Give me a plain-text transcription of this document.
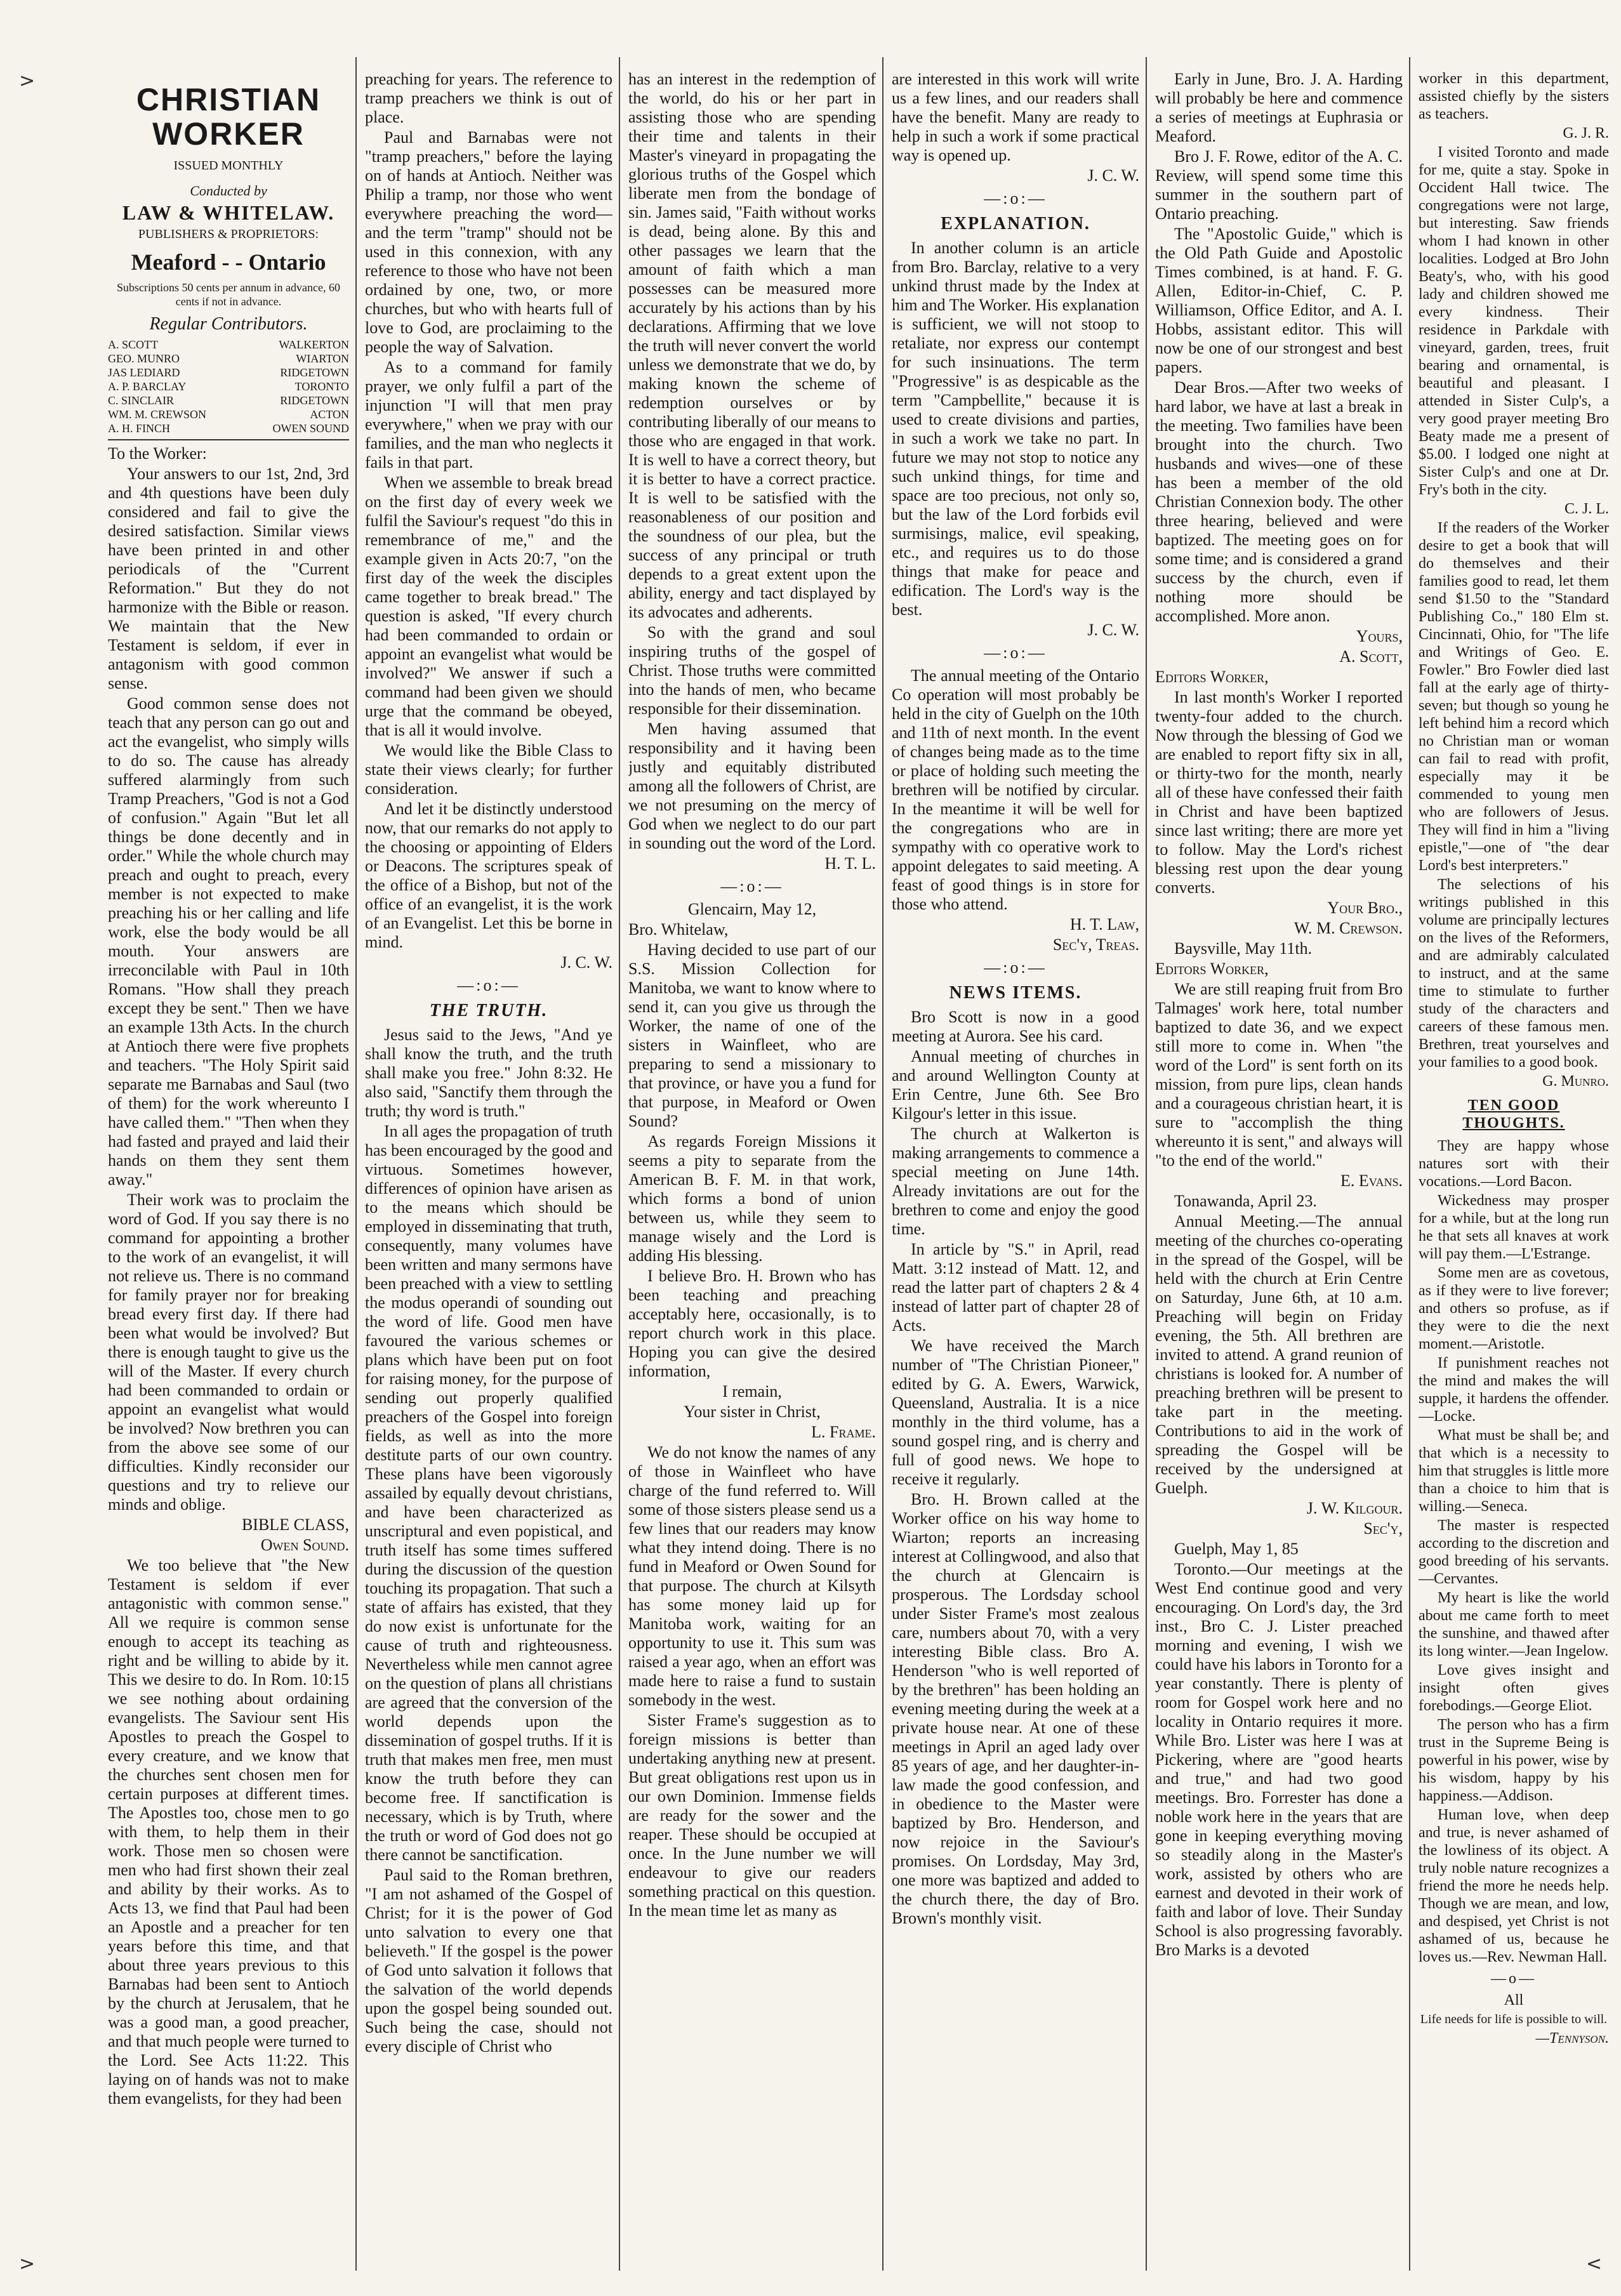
>
>	<
CHRISTIAN WORKER
ISSUED MONTHLY
Conducted by
LAW & WHITELAW.
PUBLISHERS & PROPRIETORS:
Meaford - - Ontario
Subscriptions 50 cents per annum in advance, 60 cents if not in advance.
Regular Contributors.
A. SCOTT	WALKERTON
GEO. MUNRO	WIARTON
JAS LEDIARD	RIDGETOWN
A. P. BARCLAY	TORONTO
C. SINCLAIR	RIDGETOWN
WM. M. CREWSON	ACTON
A. H. FINCH	OWEN SOUND

To the Worker:

Your answers to our 1st, 2nd, 3rd and 4th questions have been duly considered and fail to give the desired satisfaction. Similar views have been printed in and other periodicals of the "Current Reformation." But they do not harmonize with the Bible or reason. We maintain that the New Testament is seldom, if ever in antagonism with good common sense.

Good common sense does not teach that any person can go out and act the evangelist, who simply wills to do so. The cause has already suffered alarmingly from such Tramp Preachers, "God is not a God of confusion." Again "But let all things be done decently and in order." While the whole church may preach and ought to preach, every member is not expected to make preaching his or her calling and life work, else the body would be all mouth. Your answers are irreconcilable with Paul in 10th Romans. "How shall they preach except they be sent." Then we have an example 13th Acts. In the church at Antioch there were five prophets and teachers. "The Holy Spirit said separate me Barnabas and Saul (two of them) for the work whereunto I have called them." "Then when they had fasted and prayed and laid their hands on them they sent them away."

Their work was to proclaim the word of God. If you say there is no command for appointing a brother to the work of an evangelist, it will not relieve us. There is no command for family prayer nor for breaking bread every first day. If there had been what would be involved? But there is enough taught to give us the will of the Master. If every church had been commanded to ordain or appoint an evangelist what would be involved? Now brethren you can from the above see some of our difficulties. Kindly reconsider our questions and try to relieve our minds and oblige.

BIBLE CLASS,

Owen Sound.

We too believe that "the New Testament is seldom if ever antagonistic with common sense." All we require is common sense enough to accept its teaching as right and be willing to abide by it. This we desire to do. In Rom. 10:15 we see nothing about ordaining evangelists. The Saviour sent His Apostles to preach the Gospel to every creature, and we know that the churches sent chosen men for certain purposes at different times. The Apostles too, chose men to go with them, to help them in their work. Those men so chosen were men who had first shown their zeal and ability by their works. As to Acts 13, we find that Paul had been an Apostle and a preacher for ten years before this time, and that about three years previous to this Barnabas had been sent to Antioch by the church at Jerusalem, that he was a good man, a good preacher, and that much people were turned to the Lord. See Acts 11:22. This laying on of hands was not to make them evangelists, for they had been

preaching for years. The reference to tramp preachers we think is out of place.

Paul and Barnabas were not "tramp preachers," before the laying on of hands at Antioch. Neither was Philip a tramp, nor those who went everywhere preaching the word—and the term "tramp" should not be used in this connexion, with any reference to those who have not been ordained by one, two, or more churches, but who with hearts full of love to God, are proclaiming to the people the way of Salvation.

As to a command for family prayer, we only fulfil a part of the injunction "I will that men pray everywhere," when we pray with our families, and the man who neglects it fails in that part.

When we assemble to break bread on the first day of every week we fulfil the Saviour's request "do this in remembrance of me," and the example given in Acts 20:7, "on the first day of the week the disciples came together to break bread." The question is asked, "If every church had been commanded to ordain or appoint an evangelist what would be involved?" We answer if such a command had been given we should urge that the command be obeyed, that is all it would involve.

We would like the Bible Class to state their views clearly; for further consideration.

And let it be distinctly understood now, that our remarks do not apply to the choosing or appointing of Elders or Deacons. The scriptures speak of the office of a Bishop, but not of the office of an evangelist, it is the work of an Evangelist. Let this be borne in mind.

J. C. W.

—:o:—
THE TRUTH.

Jesus said to the Jews, "And ye shall know the truth, and the truth shall make you free." John 8:32. He also said, "Sanctify them through the truth; thy word is truth."

In all ages the propagation of truth has been encouraged by the good and virtuous. Sometimes however, differences of opinion have arisen as to the means which should be employed in disseminating that truth, consequently, many volumes have been written and many sermons have been preached with a view to settling the modus operandi of sounding out the word of life. Good men have favoured the various schemes or plans which have been put on foot for raising money, for the purpose of sending out properly qualified preachers of the Gospel into foreign fields, as well as into the more destitute parts of our own country. These plans have been vigorously assailed by equally devout christians, and have been characterized as unscriptural and even popistical, and truth itself has some times suffered during the discussion of the question touching its propagation. That such a state of affairs has existed, that they do now exist is unfortunate for the cause of truth and righteousness. Nevertheless while men cannot agree on the question of plans all christians are agreed that the conversion of the world depends upon the dissemination of gospel truths. If it is truth that makes men free, men must know the truth before they can become free. If sanctification is necessary, which is by Truth, where the truth or word of God does not go there cannot be sanctification.

Paul said to the Roman brethren, "I am not ashamed of the Gospel of Christ; for it is the power of God unto salvation to every one that believeth." If the gospel is the power of God unto salvation it follows that the salvation of the world depends upon the gospel being sounded out. Such being the case, should not every disciple of Christ who

has an interest in the redemption of the world, do his or her part in assisting those who are spending their time and talents in their Master's vineyard in propagating the glorious truths of the Gospel which liberate men from the bondage of sin. James said, "Faith without works is dead, being alone. By this and other passages we learn that the amount of faith which a man possesses can be measured more accurately by his actions than by his declarations. Affirming that we love the truth will never convert the world unless we demonstrate that we do, by making known the scheme of redemption ourselves or by contributing liberally of our means to those who are engaged in that work. It is well to have a correct theory, but it is better to have a correct practice. It is well to be satisfied with the reasonableness of our position and the soundness of our plea, but the success of any principal or truth depends to a great extent upon the ability, energy and tact displayed by its advocates and adherents.

So with the grand and soul inspiring truths of the gospel of Christ. Those truths were committed into the hands of men, who became responsible for their dissemination.

Men having assumed that responsibility and it having been justly and equitably distributed among all the followers of Christ, are we not presuming on the mercy of God when we neglect to do our part in sounding out the word of the Lord.

H. T. L.

—:o:—

Glencairn, May 12,

Bro. Whitelaw,

Having decided to use part of our S.S. Mission Collection for Manitoba, we want to know where to send it, can you give us through the Worker, the name of one of the sisters in Wainfleet, who are preparing to send a missionary to that province, or have you a fund for that purpose, in Meaford or Owen Sound?

As regards Foreign Missions it seems a pity to separate from the American B. F. M. in that work, which forms a bond of union between us, while they seem to manage wisely and the Lord is adding His blessing.

I believe Bro. H. Brown who has been teaching and preaching acceptably here, occasionally, is to report church work in this place. Hoping you can give the desired information,

I remain,

Your sister in Christ,

L. Frame.

We do not know the names of any of those in Wainfleet who have charge of the fund referred to. Will some of those sisters please send us a few lines that our readers may know what they intend doing. There is no fund in Meaford or Owen Sound for that purpose. The church at Kilsyth has some money laid up for Manitoba work, waiting for an opportunity to use it. This sum was raised a year ago, when an effort was made here to raise a fund to sustain somebody in the west.

Sister Frame's suggestion as to foreign missions is better than undertaking anything new at present. But great obligations rest upon us in our own Dominion. Immense fields are ready for the sower and the reaper. These should be occupied at once. In the June number we will endeavour to give our readers something practical on this question. In the mean time let as many as

are interested in this work will write us a few lines, and our readers shall have the benefit. Many are ready to help in such a work if some practical way is opened up.

J. C. W.

—:o:—
EXPLANATION.

In another column is an article from Bro. Barclay, relative to a very unkind thrust made by the Index at him and The Worker. His explanation is sufficient, we will not stoop to retaliate, nor express our contempt for such insinuations. The term "Progressive" is as despicable as the term "Campbellite," because it is used to create divisions and parties, in such a work we take no part. In future we may not stop to notice any such unkind things, for time and space are too precious, not only so, but the law of the Lord forbids evil surmisings, malice, evil speaking, etc., and requires us to do those things that make for peace and edification. The Lord's way is the best.

J. C. W.

—:o:—

The annual meeting of the Ontario Co operation will most probably be held in the city of Guelph on the 10th and 11th of next month. In the event of changes being made as to the time or place of holding such meeting the brethren will be notified by circular. In the meantime it will be well for the congregations who are in sympathy with co operative work to appoint delegates to said meeting. A feast of good things is in store for those who attend.

H. T. Law,

Sec'y, Treas.

—:o:—
NEWS ITEMS.

Bro Scott is now in a good meeting at Aurora. See his card.

Annual meeting of churches in and around Wellington County at Erin Centre, June 6th. See Bro Kilgour's letter in this issue.

The church at Walkerton is making arrangements to commence a special meeting on June 14th. Already invitations are out for the brethren to come and enjoy the good time.

In article by "S." in April, read Matt. 3:12 instead of Matt. 12, and read the latter part of chapters 2 & 4 instead of latter part of chapter 28 of Acts.

We have received the March number of "The Christian Pioneer," edited by G. A. Ewers, Warwick, Queensland, Australia. It is a nice monthly in the third volume, has a sound gospel ring, and is cherry and full of good news. We hope to receive it regularly.

Bro. H. Brown called at the Worker office on his way home to Wiarton; reports an increasing interest at Collingwood, and also that the church at Glencairn is prosperous. The Lordsday school under Sister Frame's most zealous care, numbers about 70, with a very interesting Bible class. Bro A. Henderson "who is well reported of by the brethren" has been holding an evening meeting during the week at a private house near. At one of these meetings in April an aged lady over 85 years of age, and her daughter-in-law made the good confession, and in obedience to the Master were baptized by Bro. Henderson, and now rejoice in the Saviour's promises. On Lordsday, May 3rd, one more was baptized and added to the church there, the day of Bro. Brown's monthly visit.

Early in June, Bro. J. A. Harding will probably be here and commence a series of meetings at Euphrasia or Meaford.

Bro J. F. Rowe, editor of the A. C. Review, will spend some time this summer in the southern part of Ontario preaching.

The "Apostolic Guide," which is the Old Path Guide and Apostolic Times combined, is at hand. F. G. Allen, Editor-in-Chief, C. P. Williamson, Office Editor, and A. I. Hobbs, assistant editor. This will now be one of our strongest and best papers.

Dear Bros.—After two weeks of hard labor, we have at last a break in the meeting. Two families have been brought into the church. Two husbands and wives—one of these has been a member of the old Christian Connexion body. The other three hearing, believed and were baptized. The meeting goes on for some time; and is considered a grand success by the church, even if nothing more should be accomplished. More anon.

Yours,

A. Scott,

Editors Worker,

In last month's Worker I reported twenty-four added to the church. Now through the blessing of God we are enabled to report fifty six in all, or thirty-two for the month, nearly all of these have confessed their faith in Christ and have been baptized since last writing; there are more yet to follow. May the Lord's richest blessing rest upon the dear young converts.

Your Bro.,

W. M. Crewson.

Baysville, May 11th.

Editors Worker,

We are still reaping fruit from Bro Talmages' work here, total number baptized to date 36, and we expect still more to come in. When "the word of the Lord" is sent forth on its mission, from pure lips, clean hands and a courageous christian heart, it is sure to "accomplish the thing whereunto it is sent," and always will "to the end of the world."

E. Evans.

Tonawanda, April 23.

Annual Meeting.—The annual meeting of the churches co-operating in the spread of the Gospel, will be held with the church at Erin Centre on Saturday, June 6th, at 10 a.m. Preaching will begin on Friday evening, the 5th. All brethren are invited to attend. A grand reunion of christians is looked for. A number of preaching brethren will be present to take part in the meeting. Contributions to aid in the work of spreading the Gospel will be received by the undersigned at Guelph.

J. W. Kilgour.

Sec'y,

Guelph, May 1, 85

Toronto.—Our meetings at the West End continue good and very encouraging. On Lord's day, the 3rd inst., Bro C. J. Lister preached morning and evening, I wish we could have his labors in Toronto for a year constantly. There is plenty of room for Gospel work here and no locality in Ontario requires it more. While Bro. Lister was here I was at Pickering, where are "good hearts and true," and had two good meetings. Bro. Forrester has done a noble work here in the years that are gone in keeping everything moving so steadily along in the Master's work, assisted by others who are earnest and devoted in their work of faith and labor of love. Their Sunday School is also progressing favorably. Bro Marks is a devoted

worker in this department, assisted chiefly by the sisters as teachers.

G. J. R.

I visited Toronto and made for me, quite a stay. Spoke in Occident Hall twice. The congregations were not large, but interesting. Saw friends whom I had known in other localities. Lodged at Bro John Beaty's, who, with his good lady and children showed me every kindness. Their residence in Parkdale with vineyard, garden, trees, fruit bearing and ornamental, is beautiful and pleasant. I attended in Sister Culp's, a very good prayer meeting Bro Beaty made me a present of $5.00. I lodged one night at Sister Culp's and one at Dr. Fry's both in the city.

C. J. L.

If the readers of the Worker desire to get a book that will do themselves and their families good to read, let them send $1.50 to the "Standard Publishing Co.," 180 Elm st. Cincinnati, Ohio, for "The life and Writings of Geo. E. Fowler." Bro Fowler died last fall at the early age of thirty-seven; but though so young he left behind him a record which no Christian man or woman can fail to read with profit, especially may it be commended to young men who are followers of Jesus. They will find in him a "living epistle,"—one of "the dear Lord's best interpreters."

The selections of his writings published in this volume are principally lectures on the lives of the Reformers, and are admirably calculated to instruct, and at the same time to stimulate to further study of the characters and careers of these famous men. Brethren, treat yourselves and your families to a good book.

G. Munro.

TEN GOOD THOUGHTS.

They are happy whose natures sort with their vocations.—Lord Bacon.

Wickedness may prosper for a while, but at the long run he that sets all knaves at work will pay them.—L'Estrange.

Some men are as covetous, as if they were to live forever; and others so profuse, as if they were to die the next moment.—Aristotle.

If punishment reaches not the mind and makes the will supple, it hardens the offender.—Locke.

What must be shall be; and that which is a necessity to him that struggles is little more than a choice to him that is willing.—Seneca.

The master is respected according to the discretion and good breeding of his servants.—Cervantes.

My heart is like the world about me came forth to meet the sunshine, and thawed after its long winter.—Jean Ingelow.

Love gives insight and insight often gives forebodings.—George Eliot.

The person who has a firm trust in the Supreme Being is powerful in his power, wise by his wisdom, happy by his happiness.—Addison.

Human love, when deep and true, is never ashamed of the lowliness of its object. A truly noble nature recognizes a friend the more he needs help. Though we are mean, and low, and despised, yet Christ is not ashamed of us, because he loves us.—Rev. Newman Hall.

—o—

All

Life needs for life is possible to will.

—Tennyson.
